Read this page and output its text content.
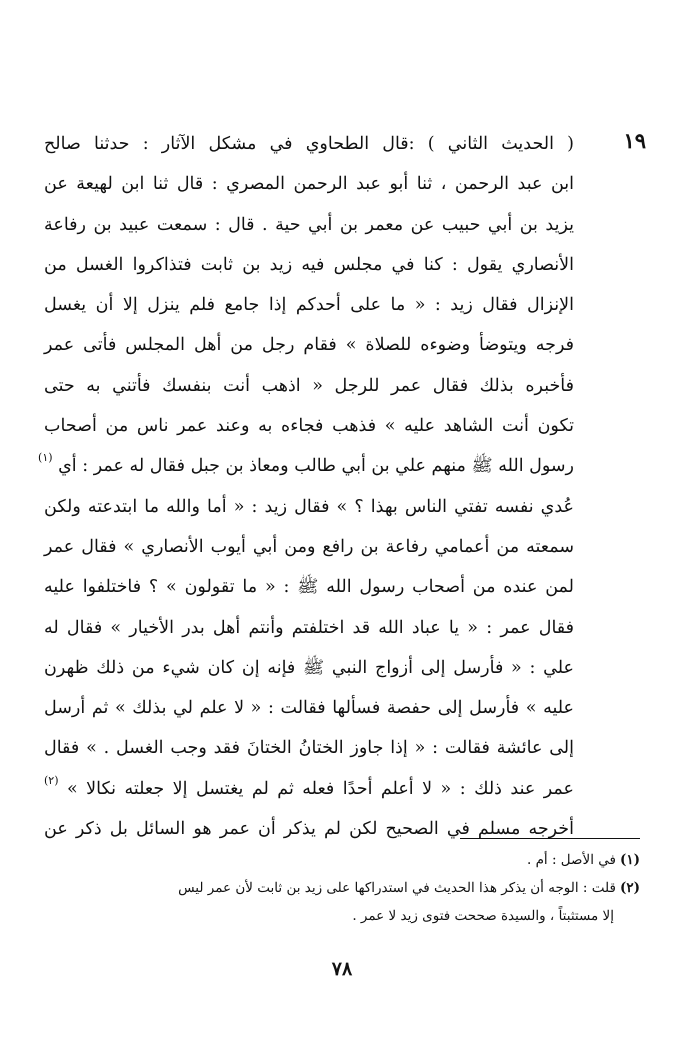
١٩
( الحديث الثاني ) :قال الطحاوي في مشكل الآثار : حدثنا صالح
ابن عبد الرحمن ، ثنا أبو عبد الرحمن المصري : قال ثنا ابن لهيعة عن
يزيد بن أبي حبيب عن معمر بن أبي حية . قال : سمعت عبيد بن رفاعة
الأنصاري يقول : كنا في مجلس فيه زيد بن ثابت فتذاكروا الغسل من
الإنزال فقال زيد : « ما على أحدكم إذا جامع فلم ينزل إلا أن يغسل
فرجه ويتوضأ وضوءه للصلاة » فقام رجل من أهل المجلس فأتى عمر
فأخبره بذلك فقال عمر للرجل « اذهب أنت بنفسك فأتني به حتى
تكون أنت الشاهد عليه » فذهب فجاءه به وعند عمر ناس من أصحاب
رسول الله ﷺ منهم علي بن أبي طالب ومعاذ بن جبل فقال له عمر : أي $^{(١)}$
عُدي نفسه تفتي الناس بهذا ؟ » فقال زيد : « أما والله ما ابتدعته ولكن
سمعته من أعمامي رفاعة بن رافع ومن أبي أيوب الأنصاري » فقال عمر
لمن عنده من أصحاب رسول الله ﷺ : « ما تقولون » ؟ فاختلفوا عليه
فقال عمر : « يا عباد الله قد اختلفتم وأنتم أهل بدر الأخيار » فقال له
علي : « فأرسل إلى أزواج النبي ﷺ فإنه إن كان شيء من ذلك ظهرن
عليه » فأرسل إلى حفصة فسألها فقالت : « لا علم لي بذلك » ثم أرسل
إلى عائشة فقالت : « إذا جاوز الختانُ الختانَ فقد وجب الغسل . » فقال
عمر عند ذلك : « لا أعلم أحدًا فعله ثم لم يغتسل إلا جعلته نكالا » $^{(٢)}$
أخرجه مسلم في الصحيح لكن لم يذكر أن عمر هو السائل بل ذكر عن
(١)في الأصل : أم .
(٢)قلت : الوجه أن يذكر هذا الحديث في استدراكها على زيد بن ثابت لأن عمر ليس
إلا مستثبتاً ، والسيدة صححت فتوى زيد لا عمر .
٧٨
